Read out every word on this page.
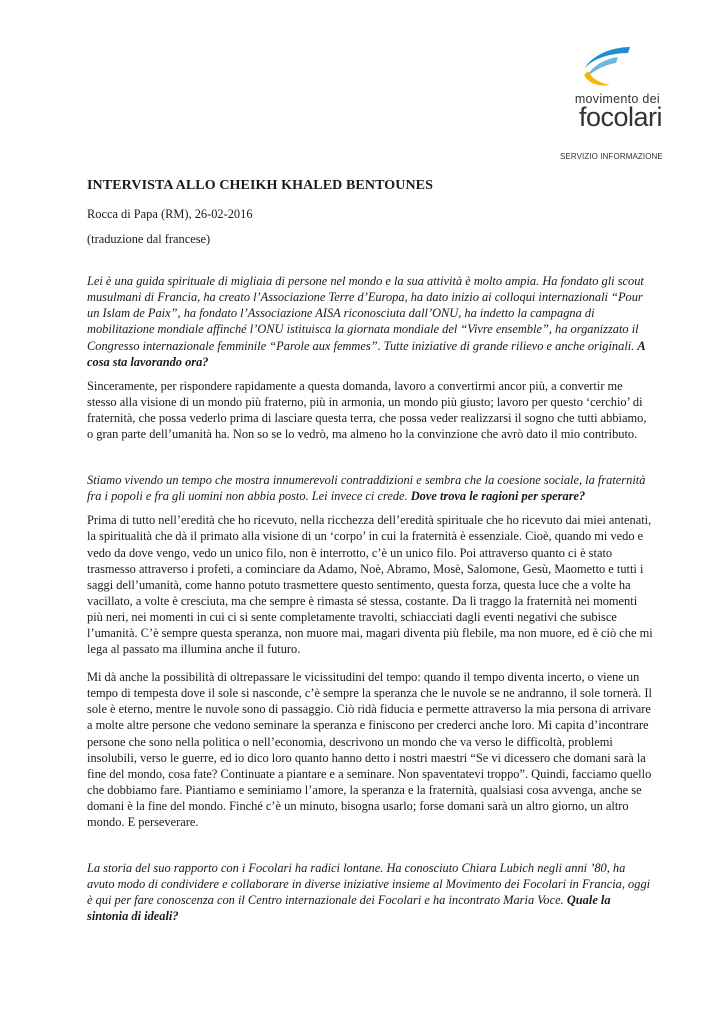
movimento dei
focolari
SERVIZIO INFORMAZIONE
INTERVISTA ALLO CHEIKH KHALED BENTOUNES

Rocca di Papa (RM), 26-02-2016

(traduzione dal francese)

Lei è una guida spirituale di migliaia di persone nel mondo e la sua attività è molto ampia. Ha fondato gli scout musulmani di Francia, ha creato l’Associazione Terre d’Europa, ha dato inizio ai colloqui internazionali “Pour un Islam de Paix”, ha fondato l’Associazione AISA riconosciuta dall’ONU, ha indetto la campagna di mobilitazione mondiale affinché l’ONU istituisca la giornata mondiale del “Vivre ensemble”, ha organizzato il Congresso internazionale femminile “Parole aux femmes”. Tutte iniziative di grande rilievo e anche originali. A cosa sta lavorando ora?

Sinceramente, per rispondere rapidamente a questa domanda, lavoro a convertirmi ancor più, a convertir me stesso alla visione di un mondo più fraterno, più in armonia, un mondo più giusto; lavoro per questo ‘cerchio’ di fraternità, che possa vederlo prima di lasciare questa terra, che possa veder realizzarsi il sogno che tutti abbiamo, o gran parte dell’umanità ha. Non so se lo vedrò, ma almeno ho la convinzione che avrò dato il mio contributo.

Stiamo vivendo un tempo che mostra innumerevoli contraddizioni e sembra che la coesione sociale, la fraternità fra i popoli e fra gli uomini non abbia posto. Lei invece ci crede. Dove trova le ragioni per sperare?

Prima di tutto nell’eredità che ho ricevuto, nella ricchezza dell’eredità spirituale che ho ricevuto dai miei antenati, la spiritualità che dà il primato alla visione di un ‘corpo’ in cui la fraternità è essenziale. Cioè, quando mi vedo e vedo da dove vengo, vedo un unico filo, non è interrotto, c’è un unico filo. Poi attraverso quanto ci è stato trasmesso attraverso i profeti, a cominciare da Adamo, Noè, Abramo, Mosè, Salomone, Gesù, Maometto e tutti i saggi dell’umanità, come hanno potuto trasmettere questo sentimento, questa forza, questa luce che a volte ha vacillato, a volte è cresciuta, ma che sempre è rimasta sé stessa, costante. Da lì traggo la fraternità nei momenti più neri, nei momenti in cui ci si sente completamente travolti, schiacciati dagli eventi negativi che subisce l’umanità. C’è sempre questa speranza, non muore mai, magari diventa più flebile, ma non muore, ed è ciò che mi lega al passato ma illumina anche il futuro.

Mi dà anche la possibilità di oltrepassare le vicissitudini del tempo: quando il tempo diventa incerto, o viene un tempo di tempesta dove il sole si nasconde, c’è sempre la speranza che le nuvole se ne andranno, il sole tornerà. Il sole è eterno, mentre le nuvole sono di passaggio. Ciò ridà fiducia e permette attraverso la mia persona di arrivare a molte altre persone che vedono seminare la speranza e finiscono per crederci anche loro. Mi capita d’incontrare persone che sono nella politica o nell’economia, descrivono un mondo che va verso le difficoltà, problemi insolubili, verso le guerre, ed io dico loro quanto hanno detto i nostri maestri “Se vi dicessero che domani sarà la fine del mondo, cosa fate? Continuate a piantare e a seminare. Non spaventatevi troppo”. Quindi, facciamo quello che dobbiamo fare. Piantiamo e seminiamo l’amore, la speranza e la fraternità, qualsiasi cosa avvenga, anche se domani è la fine del mondo. Finché c’è un minuto, bisogna usarlo; forse domani sarà un altro giorno, un altro mondo. E perseverare.

La storia del suo rapporto con i Focolari ha radici lontane. Ha conosciuto Chiara Lubich negli anni ’80, ha avuto modo di condividere e collaborare in diverse iniziative insieme al Movimento dei Focolari in Francia, oggi è qui per fare conoscenza con il Centro internazionale dei Focolari e ha incontrato Maria Voce. Quale la sintonia di ideali?
